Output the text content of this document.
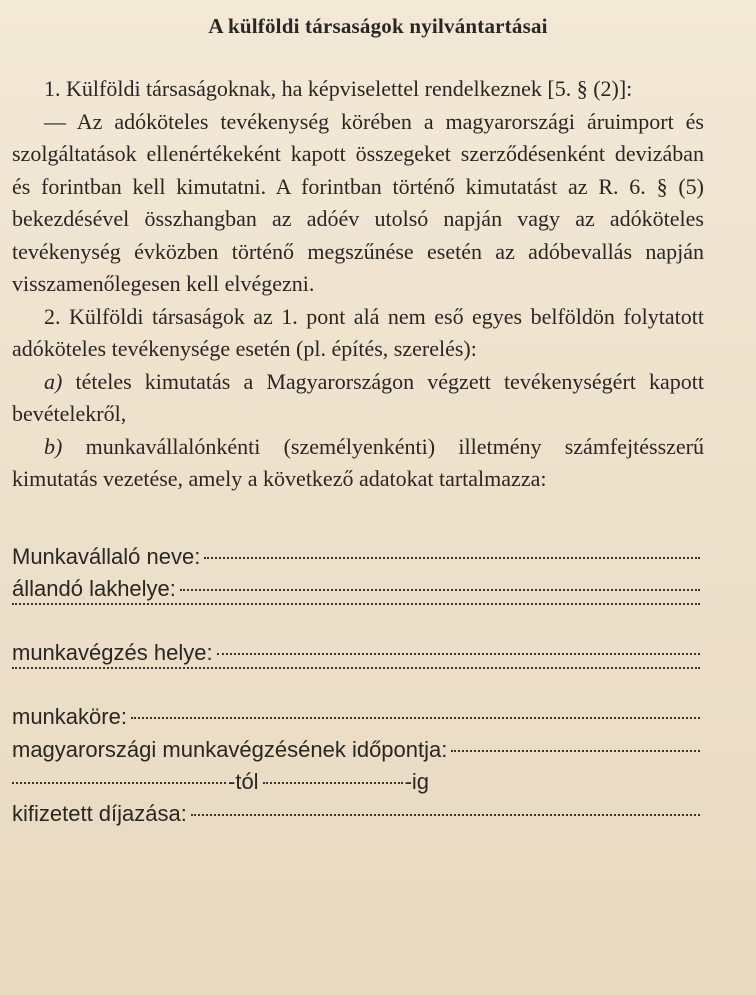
A külföldi társaságok nyilvántartásai

1. Külföldi társaságoknak, ha képviselettel rendelkeznek [5. § (2)]:

— Az adóköteles tevékenység körében a magyarországi áruimport és szolgáltatások ellenértékeként kapott összegeket szerződésenként devizában és forintban kell kimutatni. A forintban történő kimutatást az R. 6. § (5) bekezdésével összhangban az adóév utolsó napján vagy az adóköteles tevékenység évközben történő megszűnése esetén az adóbevallás napján visszamenőlegesen kell elvégezni.

2. Külföldi társaságok az 1. pont alá nem eső egyes belföldön folytatott adóköteles tevékenysége esetén (pl. építés, szerelés):

a) tételes kimutatás a Magyarországon végzett tevékenységért kapott bevételekről,

b) munkavállalónkénti (személyenkénti) illetmény számfejtésszerű kimutatás vezetése, amely a következő adatokat tartalmazza:

Munkavállaló neve:
állandó lakhelye:
munkavégzés helye:
munkaköre:
magyarországi munkavégzésének időpontja:
-tól	-ig
kifizetett díjazása:
